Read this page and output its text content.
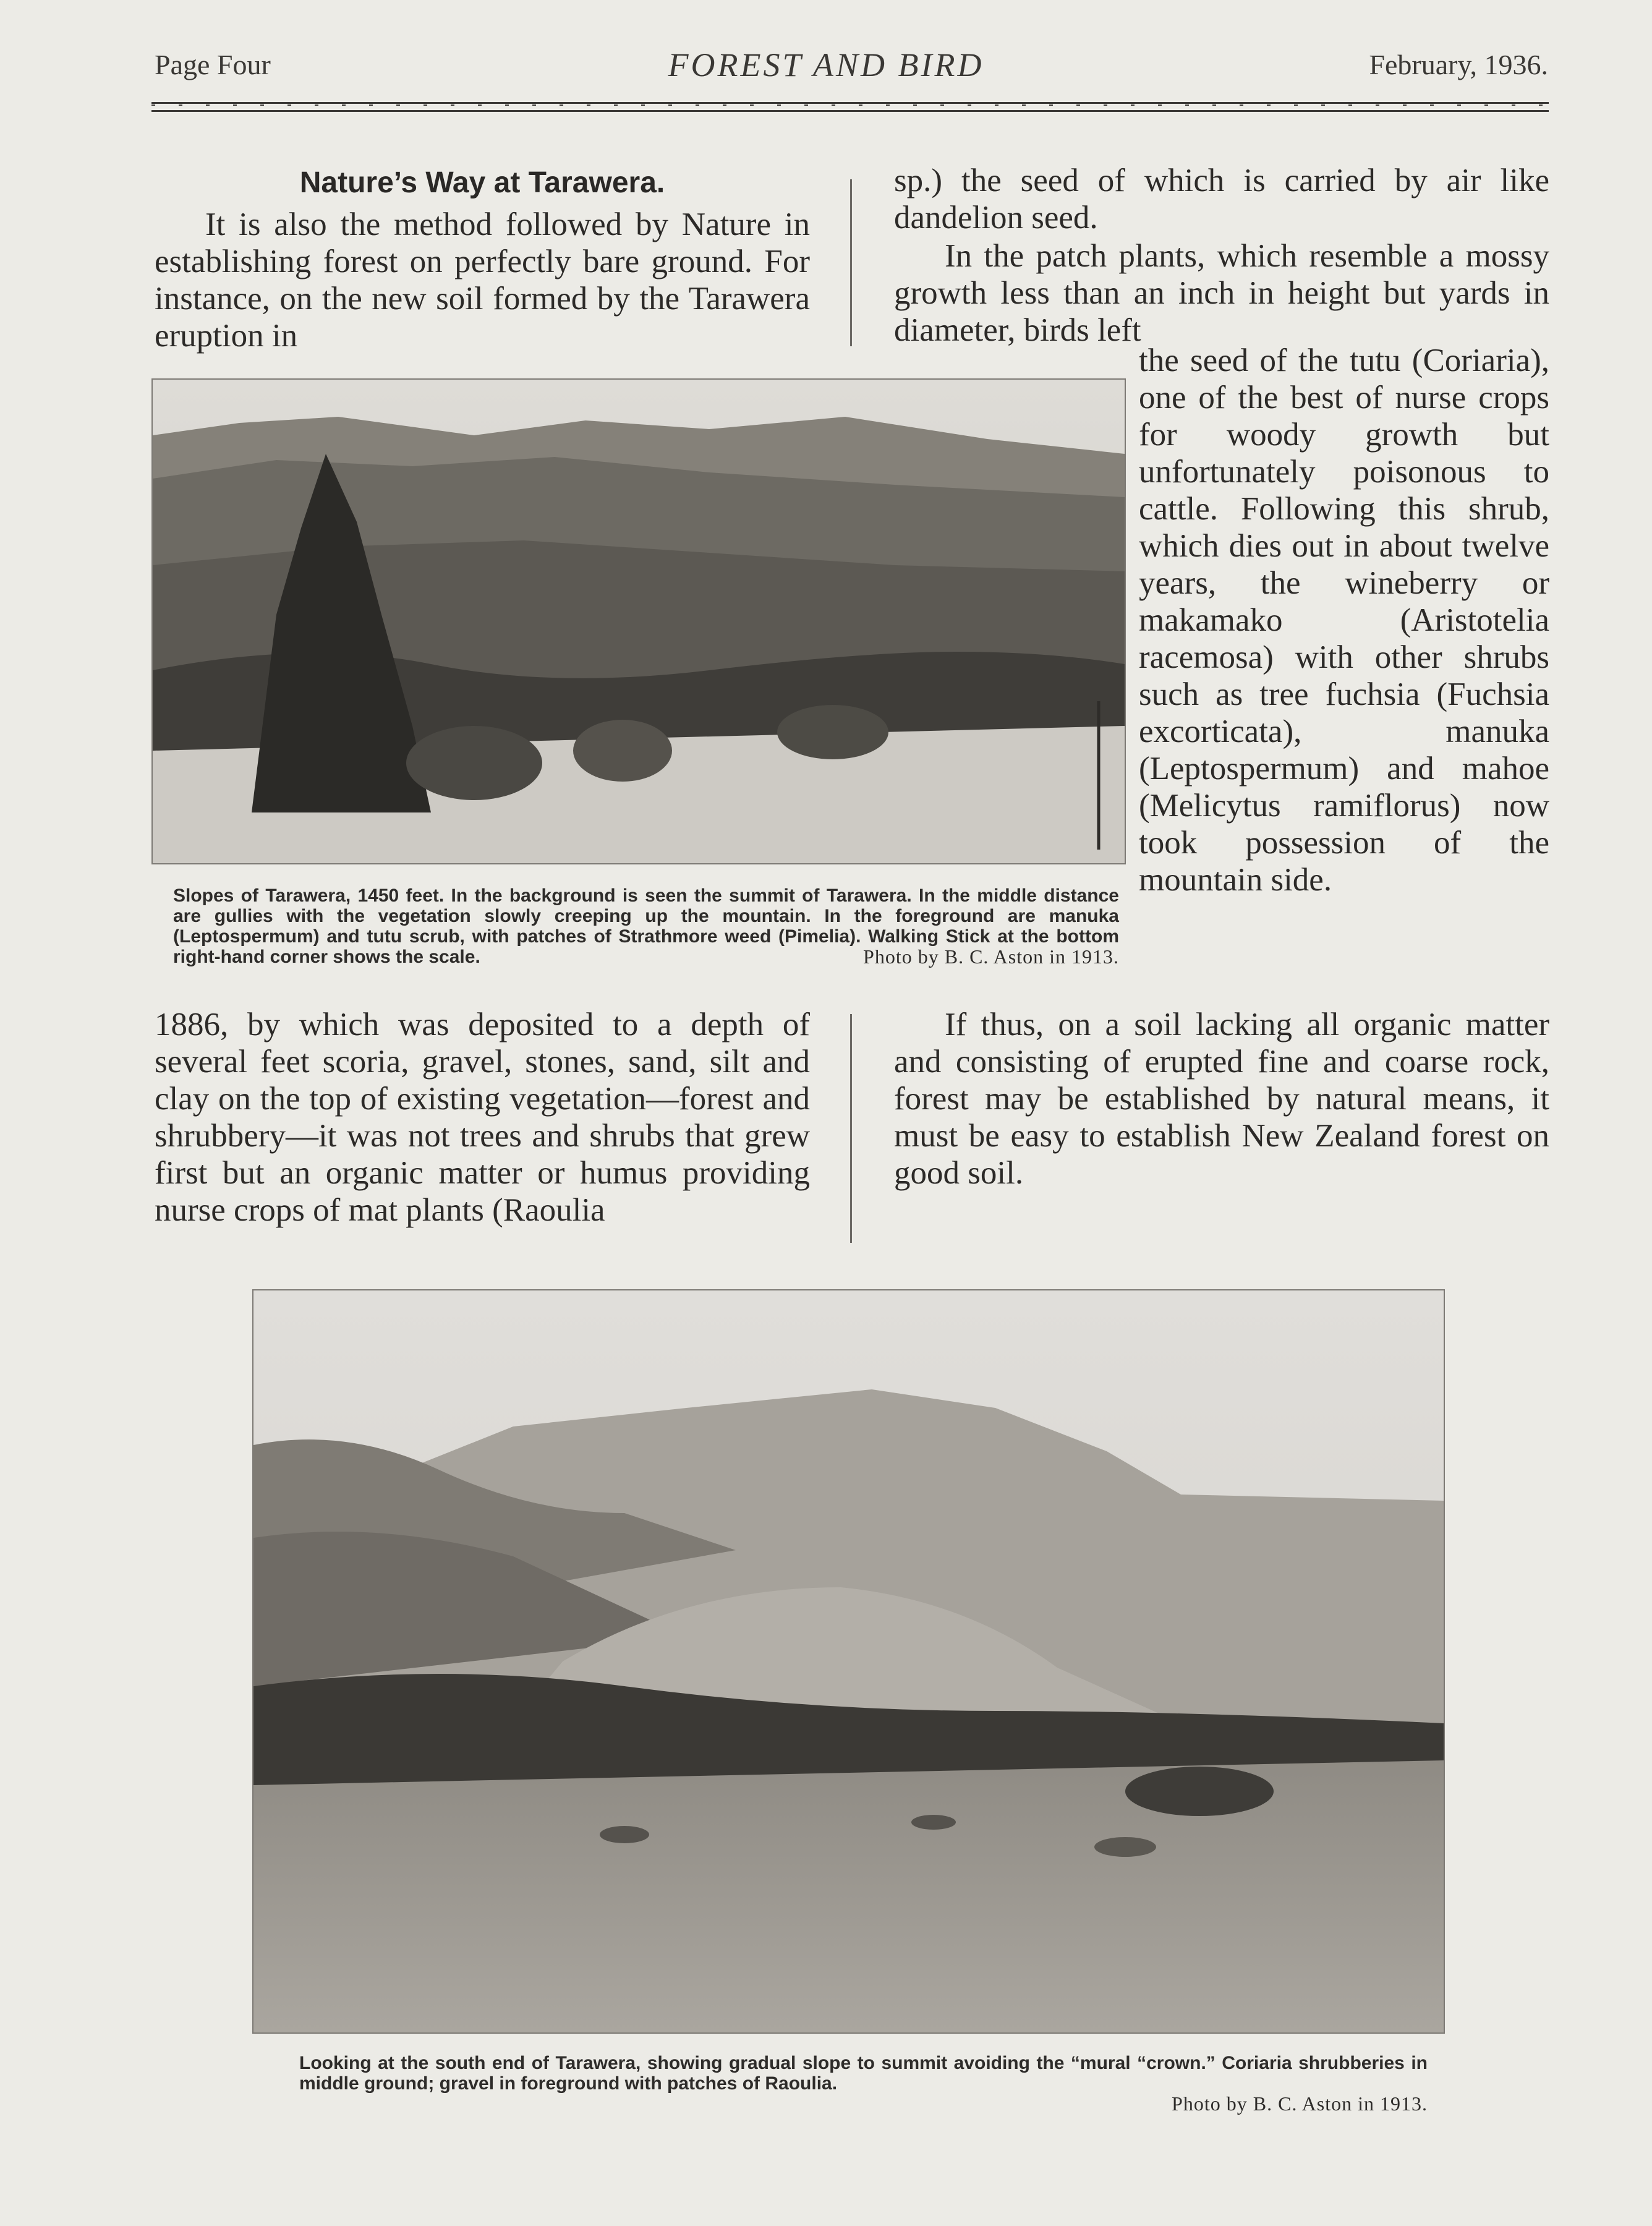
Page Four	FOREST AND BIRD	February, 1936.
Nature’s Way at Tarawera.
It is also the method followed by Nature in establishing forest on perfectly bare ground. For instance, on the new soil formed by the Tarawera eruption in
sp.) the seed of which is carried by air like dandelion seed.
In the patch plants, which resemble a mossy growth less than an inch in height but yards in diameter, birds left
the seed of the tutu (Coriaria), one of the best of nurse crops for woody growth but unfortunately poisonous to cattle. Following this shrub, which dies out in about twelve years, the wineberry or makamako (Aristotelia racemosa) with other shrubs such as tree fuchsia (Fuchsia excorticata), manuka (Leptospermum) and mahoe (Melicytus ramiflorus) now took possession of the mountain side.
Slopes of Tarawera, 1450 feet. In the background is seen the summit of Tarawera. In the middle distance are gullies with the vegetation slowly creeping up the mountain. In the foreground are manuka (Leptospermum) and tutu scrub, with patches of Strathmore weed (Pimelia). Walking Stick at the bottom right-hand corner shows the scale.	Photo by B. C. Aston in 1913.
1886, by which was deposited to a depth of several feet scoria, gravel, stones, sand, silt and clay on the top of existing vegetation—forest and shrubbery—it was not trees and shrubs that grew first but an organic matter or humus providing nurse crops of mat plants (Raoulia
If thus, on a soil lacking all organic matter and consisting of erupted fine and coarse rock, forest may be established by natural means, it must be easy to establish New Zealand forest on good soil.
Looking at the south end of Tarawera, showing gradual slope to summit avoiding the “mural “crown.” Coriaria shrubberies in middle ground; gravel in foreground with patches of Raoulia.
Photo by B. C. Aston in 1913.
